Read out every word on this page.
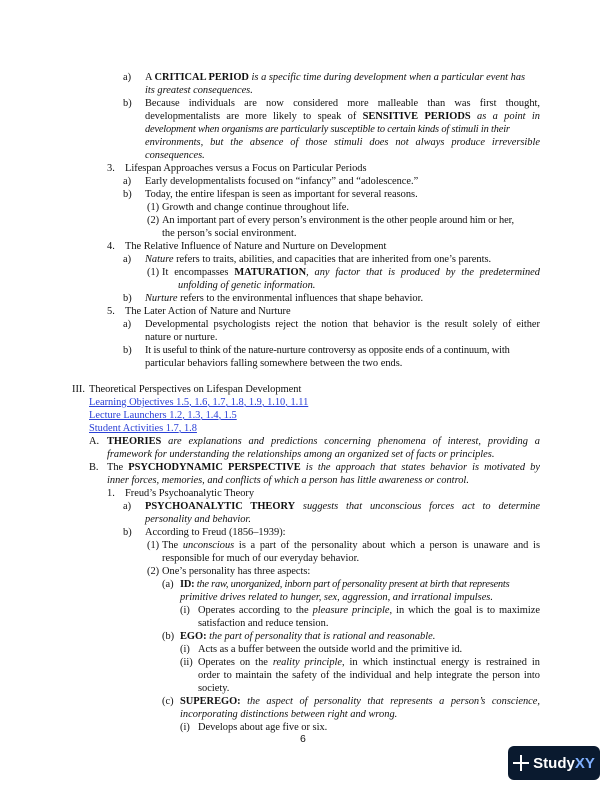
a) A CRITICAL PERIOD is a specific time during development when a particular event has
its greatest consequences.
b) Because individuals are now considered more malleable than was first thought,
developmentalists are more likely to speak of SENSITIVE PERIODS as a point in
development when organisms are particularly susceptible to certain kinds of stimuli in their
environments, but the absence of those stimuli does not always produce irreversible
consequences.
3. Lifespan Approaches versus a Focus on Particular Periods
a) Early developmentalists focused on “infancy” and “adolescence.”
b) Today, the entire lifespan is seen as important for several reasons.
(1) Growth and change continue throughout life.
(2) An important part of every person’s environment is the other people around him or her,
the person’s social environment.
4. The Relative Influence of Nature and Nurture on Development
a) Nature refers to traits, abilities, and capacities that are inherited from one’s parents.
(1) It encompasses MATURATION, any factor that is produced by the predetermined
unfolding of genetic information.
b) Nurture refers to the environmental influences that shape behavior.
5. The Later Action of Nature and Nurture
a) Developmental psychologists reject the notion that behavior is the result solely of either
nature or nurture.
b) It is useful to think of the nature-nurture controversy as opposite ends of a continuum, with
particular behaviors falling somewhere between the two ends.
III. Theoretical Perspectives on Lifespan Development
Learning Objectives 1.5, 1.6, 1.7, 1.8, 1.9, 1.10, 1.11
Lecture Launchers 1.2, 1.3, 1.4, 1.5
Student Activities 1.7, 1.8
A. THEORIES are explanations and predictions concerning phenomena of interest, providing a
framework for understanding the relationships among an organized set of facts or principles.
B. The PSYCHODYNAMIC PERSPECTIVE is the approach that states behavior is motivated by
inner forces, memories, and conflicts of which a person has little awareness or control.
1. Freud’s Psychoanalytic Theory
a) PSYCHOANALYTIC THEORY suggests that unconscious forces act to determine
personality and behavior.
b) According to Freud (1856–1939):
(1) The unconscious is a part of the personality about which a person is unaware and is
responsible for much of our everyday behavior.
(2) One’s personality has three aspects:
(a) ID: the raw, unorganized, inborn part of personality present at birth that represents
primitive drives related to hunger, sex, aggression, and irrational impulses.
(i) Operates according to the pleasure principle, in which the goal is to maximize
satisfaction and reduce tension.
(b) EGO: the part of personality that is rational and reasonable.
(i) Acts as a buffer between the outside world and the primitive id.
(ii) Operates on the reality principle, in which instinctual energy is restrained in
order to maintain the safety of the individual and help integrate the person into
society.
(c) SUPEREGO: the aspect of personality that represents a person’s conscience,
incorporating distinctions between right and wrong.
(i) Develops about age five or six.
6
StudyXY
